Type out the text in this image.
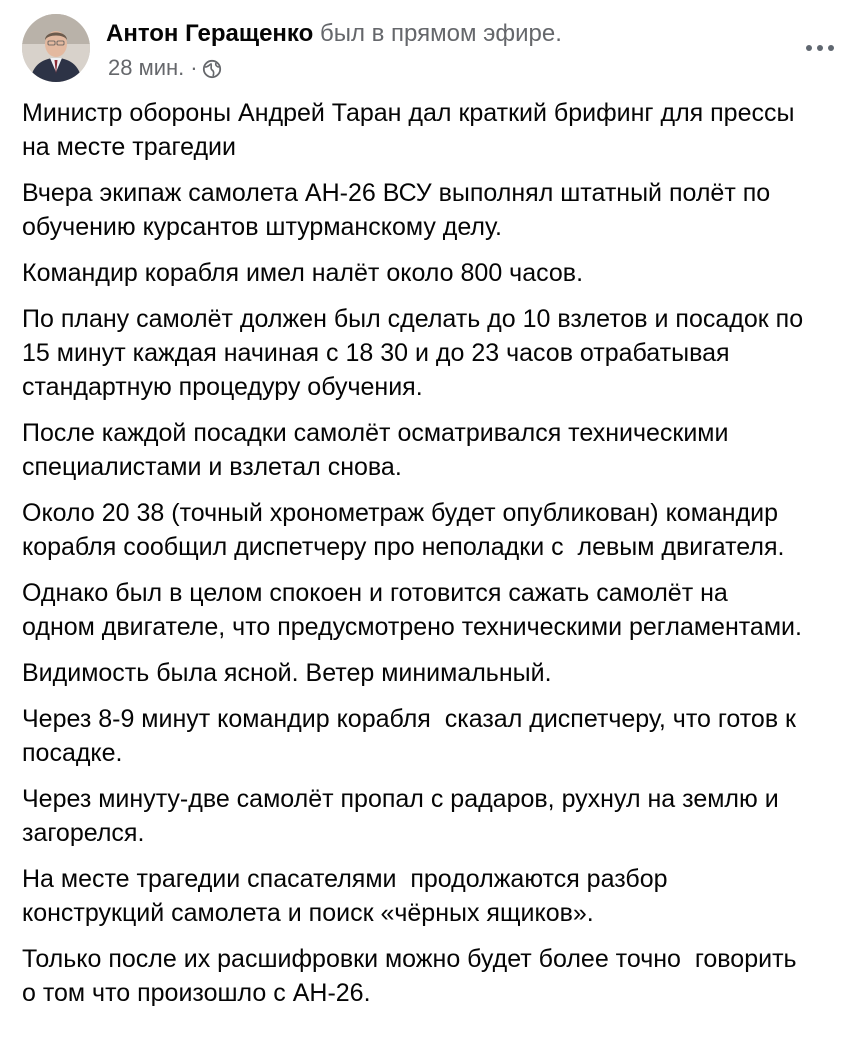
Антон Геращенко был в прямом эфире.
28 мин. ·

Министр обороны Андрей Таран дал краткий брифинг для прессы
на месте трагедии

Вчера экипаж самолета АН-26 ВСУ выполнял штатный полёт по
обучению курсантов штурманскому делу.

Командир корабля имел налёт около 800 часов.

По плану самолёт должен был сделать до 10 взлетов и посадок по
15 минут каждая начиная с 18 30 и до 23 часов отрабатывая
стандартную процедуру обучения.

После каждой посадки самолёт осматривался техническими
специалистами и взлетал снова.

Около 20 38 (точный хронометраж будет опубликован) командир
корабля сообщил диспетчеру про неполадки с  левым двигателя.

Однако был в целом спокоен и готовится сажать самолёт на
одном двигателе, что предусмотрено техническими регламентами.

Видимость была ясной. Ветер минимальный.

Через 8-9 минут командир корабля  сказал диспетчеру, что готов к
посадке.

Через минуту-две самолёт пропал с радаров, рухнул на землю и
загорелся.

На месте трагедии спасателями  продолжаются разбор
конструкций самолета и поиск «чёрных ящиков».

Только после их расшифровки можно будет более точно  говорить
о том что произошло с АН-26.
